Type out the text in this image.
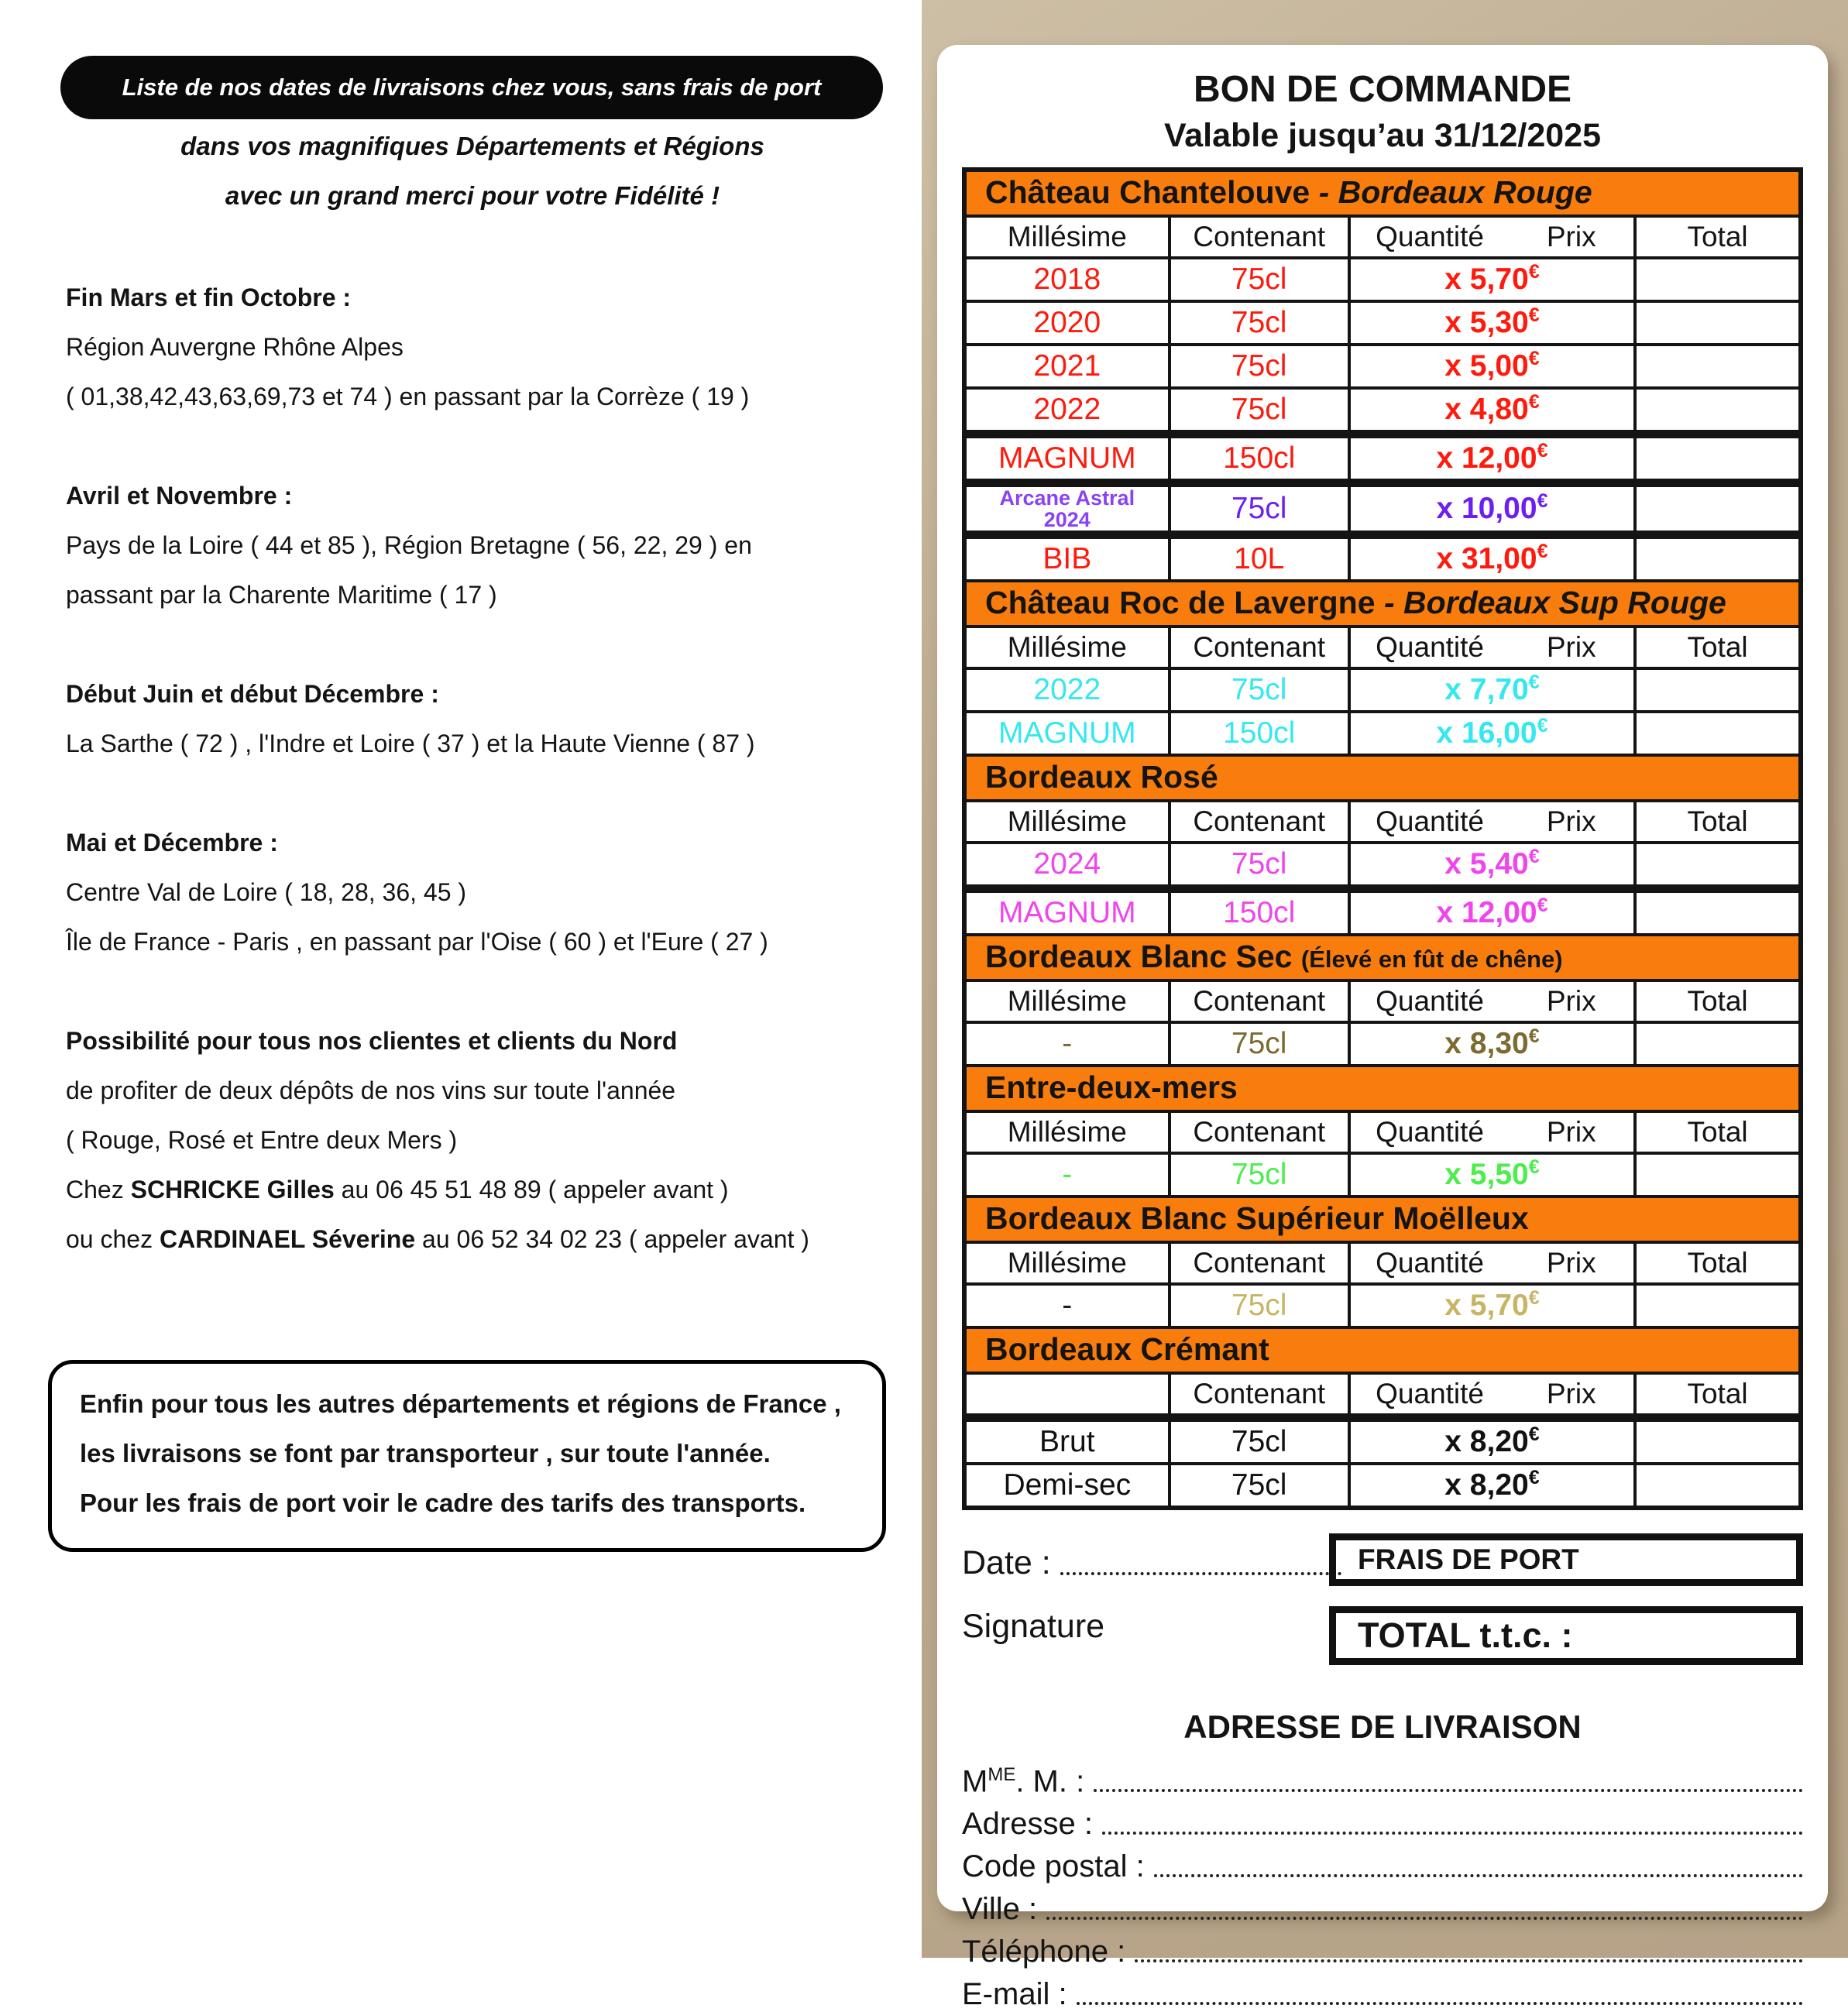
Liste de nos dates de livraisons chez vous, sans frais de port
dans vos magnifiques Départements et Régions
avec un grand merci pour votre Fidélité !
Fin Mars et fin Octobre :
Région Auvergne Rhône Alpes
( 01,38,42,43,63,69,73 et 74 ) en passant par la Corrèze ( 19 )
Avril et Novembre :
Pays de la Loire ( 44 et 85 ), Région Bretagne ( 56, 22, 29 ) en
passant par la Charente Maritime ( 17 )
Début Juin et début Décembre :
La Sarthe ( 72 ) , l'Indre et Loire ( 37 ) et la Haute Vienne ( 87 )
Mai et Décembre :
Centre Val de Loire ( 18, 28, 36, 45 )
Île de France - Paris , en passant par l'Oise ( 60 ) et l'Eure ( 27 )
Possibilité pour tous nos clientes et clients du Nord
de profiter de deux dépôts de nos vins sur toute l'année
( Rouge, Rosé et Entre deux Mers )
Chez SCHRICKE Gilles au 06 45 51 48 89 ( appeler avant )
ou chez CARDINAEL Séverine au 06 52 34 02 23 ( appeler avant )
Enfin pour tous les autres départements et régions de France ,
les livraisons se font par transporteur , sur toute l'année.
Pour les frais de port voir le cadre des tarifs des transports.
BON DE COMMANDE
Valable jusqu’au 31/12/2025
Château Chantelouve - Bordeaux Rouge			
Millésime	Contenant	Quantité Prix	Total
2018	75cl	x 5,70€	
2020	75cl	x 5,30€	
2021	75cl	x 5,00€	
2022	75cl	x 4,80€	
MAGNUM	150cl	x 12,00€	

Arcane Astral
2024	75cl	x 10,00€	
BIB	10L	x 31,00€	
Château Roc de Lavergne - Bordeaux Sup Rouge			
Millésime	Contenant	Quantité Prix	Total
2022	75cl	x 7,70€	
MAGNUM	150cl	x 16,00€	
Bordeaux Rosé			
Millésime	Contenant	Quantité Prix	Total
2024	75cl	x 5,40€	
MAGNUM	150cl	x 12,00€	
Bordeaux Blanc Sec (Élevé en fût de chêne)			
Millésime	Contenant	Quantité Prix	Total
-	75cl	x 8,30€	
Entre-deux-mers			
Millésime	Contenant	Quantité Prix	Total
-	75cl	x 5,50€	
Bordeaux Blanc Supérieur Moëlleux			
Millésime	Contenant	Quantité Prix	Total
-	75cl	x 5,70€	
Bordeaux Crémant			
	Contenant	Quantité Prix	Total
Brut	75cl	x 8,20€	
Demi-sec	75cl	x 8,20€	
Date :
Signature
FRAIS DE PORT
TOTAL t.t.c. :
ADRESSE DE LIVRAISON
$M^{ME}$. M. :
Adresse :
Code postal :
Ville :
Téléphone :
E-mail :
